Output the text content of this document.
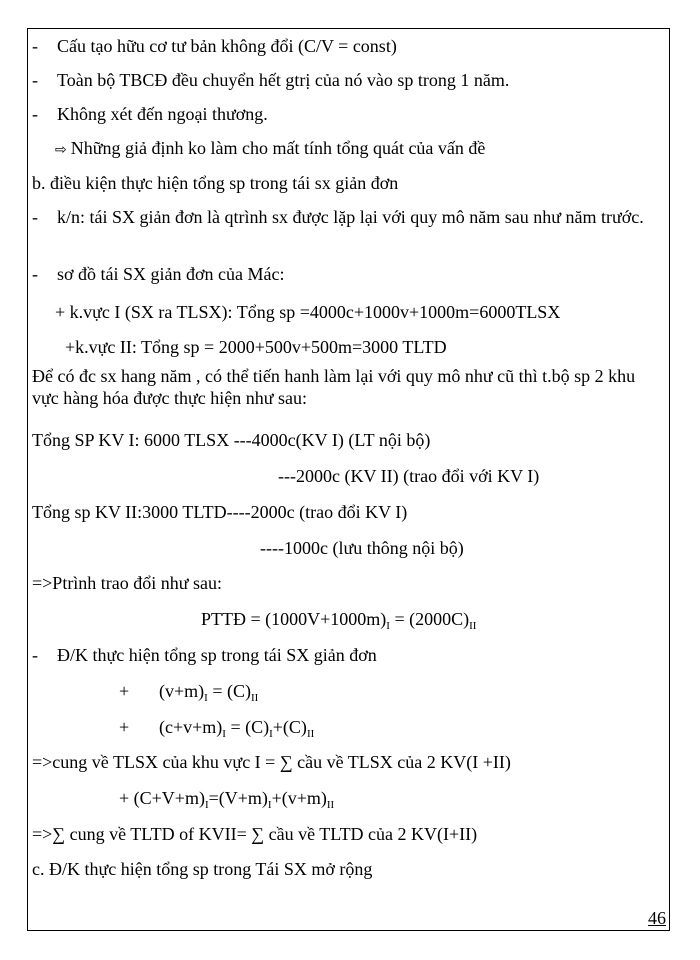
- Cấu tạo hữu cơ tư bản không đổi (C/V = const)
- Toàn bộ TBCĐ đều chuyển hết gtrị của nó vào sp trong 1 năm.
- Không xét đến ngoại thương.
⇨ Những giả định ko làm cho mất tính tổng quát của vấn đề
b. điều kiện thực hiện tổng sp trong tái sx giản đơn
- k/n: tái SX giản đơn là qtrình sx được lặp lại với quy mô năm sau như năm trước.
- sơ đồ tái SX giản đơn của Mác:
+ k.vực I (SX ra TLSX): Tổng sp =4000c+1000v+1000m=6000TLSX
+k.vực II: Tổng sp = 2000+500v+500m=3000 TLTD
Để có đc sx hang năm , có thể tiến hanh làm lại với quy mô như cũ thì t.bộ sp 2 khu vực hàng hóa được thực hiện như sau:
Tổng SP KV I: 6000 TLSX ---4000c(KV I) (LT nội bộ)
---2000c (KV II) (trao đổi với KV I)
Tổng sp KV II:3000 TLTD----2000c (trao đổi KV I)
----1000c (lưu thông nội bộ)
=>Ptrình trao đổi như sau:
PTTĐ = $(1000V+1000m)_I = (2000C)_{II}$
- Đ/K thực hiện tổng sp trong tái SX giản đơn
+ $(v+m)_I = (C)_{II}$
+ $(c+v+m)_I = (C)_I+(C)_{II}$
=>cung về TLSX của khu vực I = ∑ cầu về TLSX của 2 KV(I +II)
+ $(C+V+m)_I=(V+m)_I+(v+m)_{II}$
=>∑ cung về TLTD of KVII= ∑ cầu về TLTD của 2 KV(I+II)
c. Đ/K thực hiện tổng sp trong Tái SX mở rộng
46
